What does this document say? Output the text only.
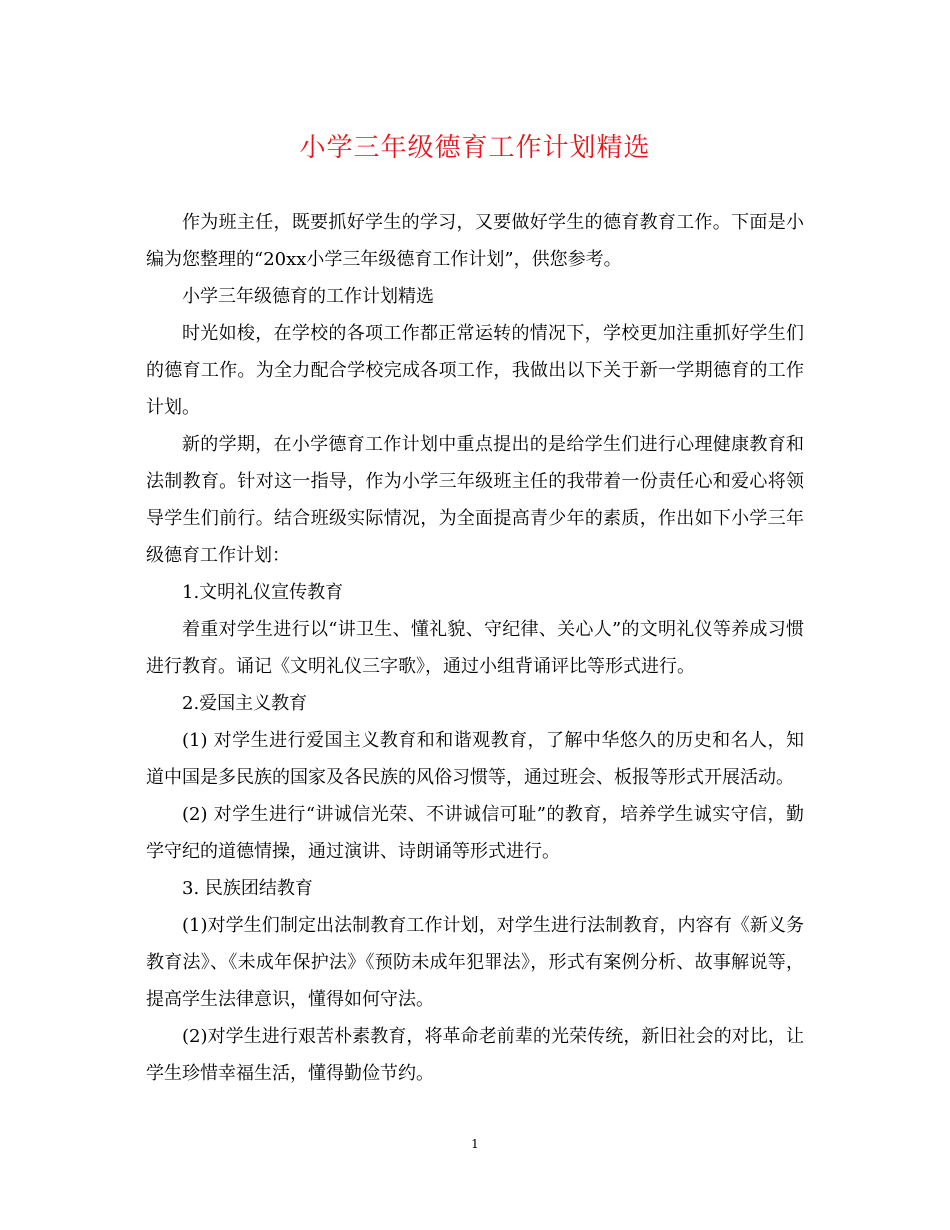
小学三年级德育工作计划精选

作为班主任，既要抓好学生的学习，又要做好学生的德育教育工作。下面是小编为您整理的“20xx小学三年级德育工作计划”，供您参考。

小学三年级德育的工作计划精选

时光如梭，在学校的各项工作都正常运转的情况下，学校更加注重抓好学生们的德育工作。为全力配合学校完成各项工作，我做出以下关于新一学期德育的工作计划。

新的学期，在小学德育工作计划中重点提出的是给学生们进行心理健康教育和法制教育。针对这一指导，作为小学三年级班主任的我带着一份责任心和爱心将领导学生们前行。结合班级实际情况，为全面提高青少年的素质，作出如下小学三年级德育工作计划：

1.文明礼仪宣传教育

着重对学生进行以“讲卫生、懂礼貌、守纪律、关心人”的文明礼仪等养成习惯进行教育。诵记《文明礼仪三字歌》，通过小组背诵评比等形式进行。

2.爱国主义教育

(1) 对学生进行爱国主义教育和和谐观教育，了解中华悠久的历史和名人，知道中国是多民族的国家及各民族的风俗习惯等，通过班会、板报等形式开展活动。

(2) 对学生进行“讲诚信光荣、不讲诚信可耻”的教育，培养学生诚实守信，勤学守纪的道德情操，通过演讲、诗朗诵等形式进行。

3. 民族团结教育

(1)对学生们制定出法制教育工作计划，对学生进行法制教育，内容有《新义务教育法》、《未成年保护法》《预防未成年犯罪法》，形式有案例分析、故事解说等，提高学生法律意识，懂得如何守法。

(2)对学生进行艰苦朴素教育，将革命老前辈的光荣传统，新旧社会的对比，让学生珍惜幸福生活，懂得勤俭节约。

1
